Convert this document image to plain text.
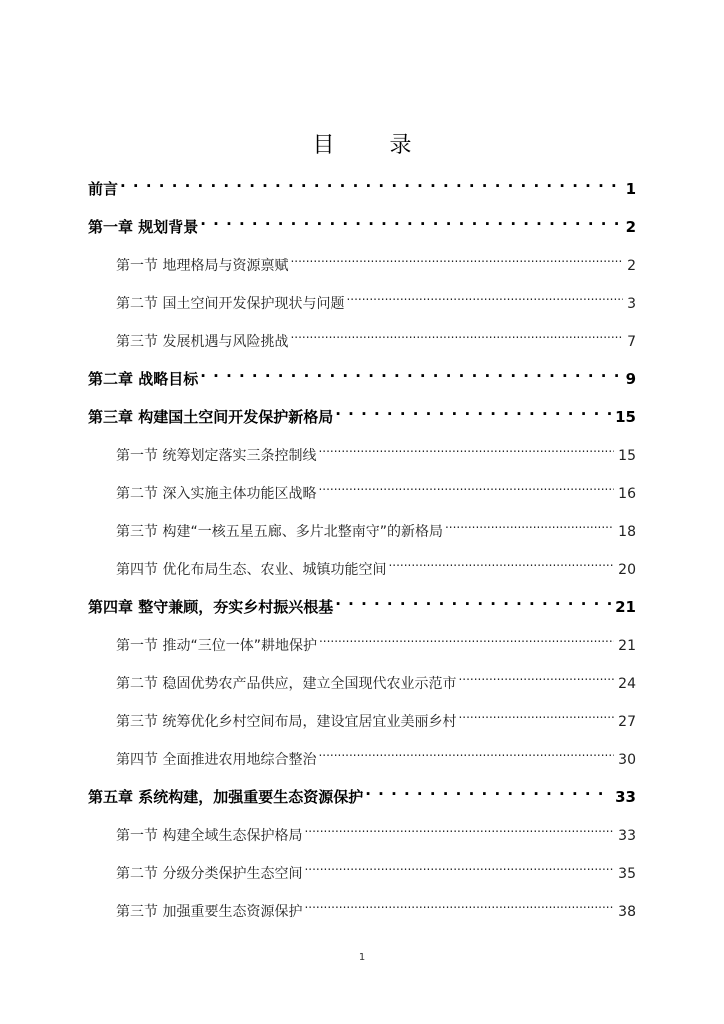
目 录
前言 . . .	1
第一章 规划背景 . . .	2
第一节 地理格局与资源禀赋 .....	2
第二节 国土空间开发保护现状与问题 .....	3
第三节 发展机遇与风险挑战 .....	7
第二章 战略目标 . . .	9
第三章 构建国土空间开发保护新格局 . . .	15
第一节 统筹划定落实三条控制线 .....	15
第二节 深入实施主体功能区战略 .....	16
第三节 构建“一核五星五廊、多片北整南守”的新格局 .....	18
第四节 优化布局生态、农业、城镇功能空间 .....	20
第四章 整守兼顾，夯实乡村振兴根基 . . .	21
第一节 推动“三位一体”耕地保护 .....	21
第二节 稳固优势农产品供应，建立全国现代农业示范市 .....	24
第三节 统筹优化乡村空间布局，建设宜居宜业美丽乡村 .....	27
第四节 全面推进农用地综合整治 .....	30
第五章 系统构建，加强重要生态资源保护 . . .	33
第一节 构建全域生态保护格局 .....	33
第二节 分级分类保护生态空间 .....	35
第三节 加强重要生态资源保护 .....	38
1
